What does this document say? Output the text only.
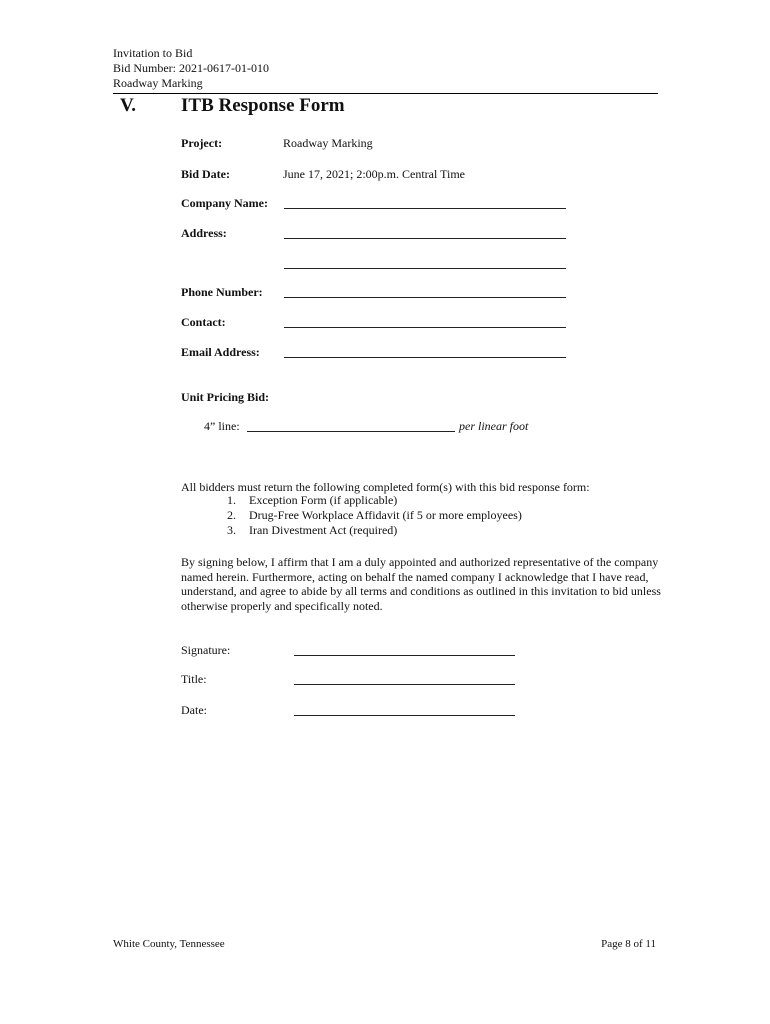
Invitation to Bid
Bid Number: 2021-0617-01-010
Roadway Marking
V. ITB Response Form
Project:	Roadway Marking
Bid Date:	June 17, 2021; 2:00p.m. Central Time
Company Name:
Address:
Phone Number:
Contact:
Email Address:
Unit Pricing Bid:
4” line:	per linear foot
All bidders must return the following completed form(s) with this bid response form:
1. Exception Form (if applicable)
2. Drug-Free Workplace Affidavit (if 5 or more employees)
3. Iran Divestment Act (required)
By signing below, I affirm that I am a duly appointed and authorized representative of the company named herein. Furthermore, acting on behalf the named company I acknowledge that I have read, understand, and agree to abide by all terms and conditions as outlined in this invitation to bid unless otherwise properly and specifically noted.
Signature:
Title:
Date:
White County, Tennessee	Page 8 of 11
